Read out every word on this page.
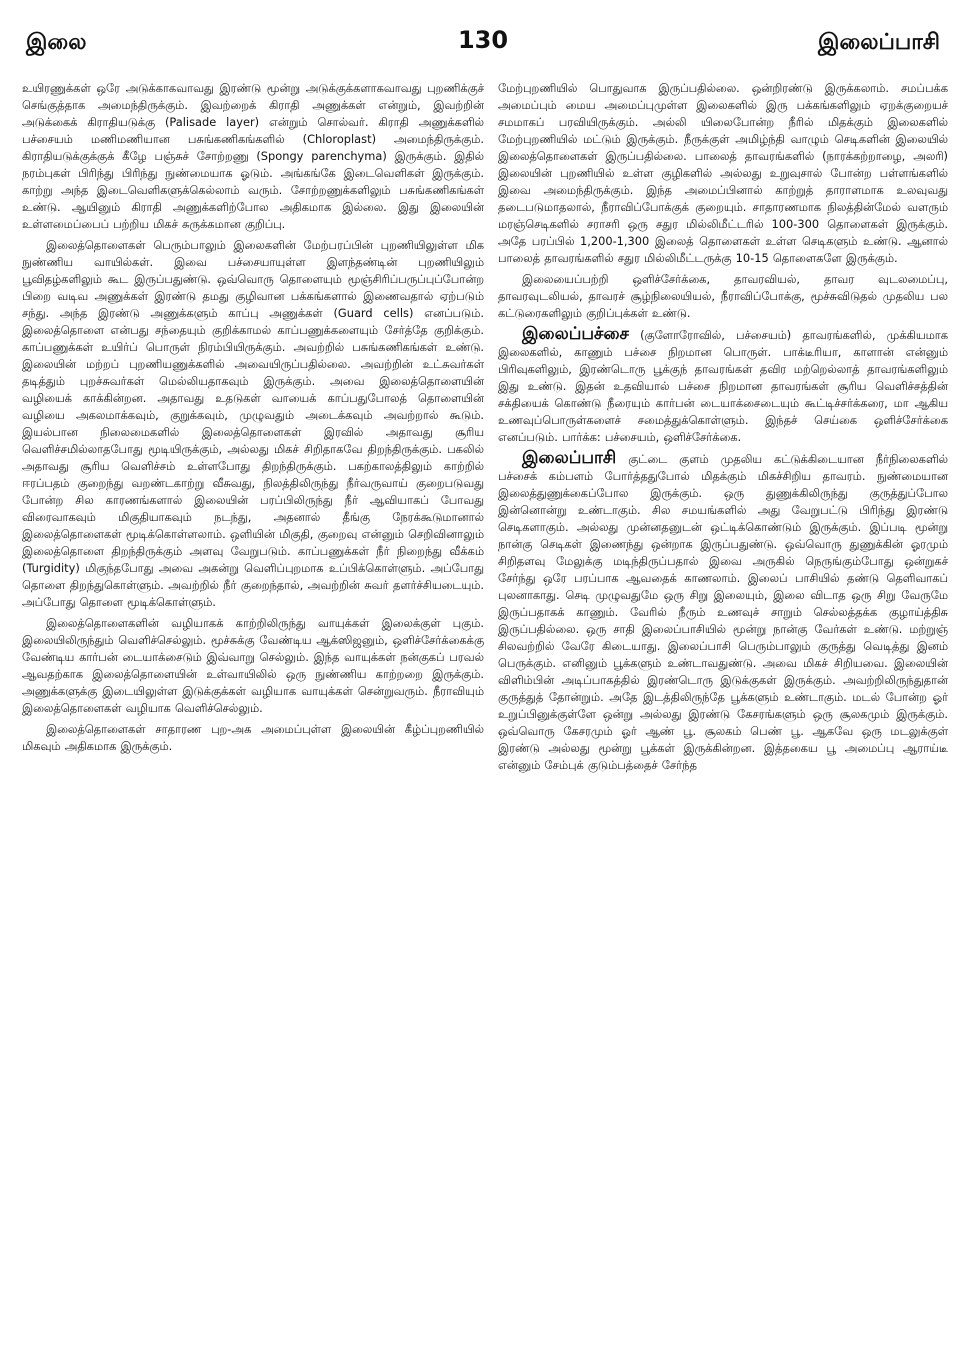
இலை	130	இலைப்பாசி

உயிரணுக்கள் ஒரே அடுக்காகவாவது இரண்டு மூன்று அடுக்குக்களாகவாவது புறணிக்குச் செங்குத்தாக அமைந்திருக்கும். இவற்றைக் கிராதி அணுக்கள் என்றும், இவற்றின் அடுக்கைக் கிராதியடுக்கு (Palisade layer) என்றும் சொல்வர். கிராதி அணுக்களில் பச்சையம் மணிமணியான பசுங்கணிகங்களில் (Chloroplast) அமைந்திருக்கும். கிராதியடுக்குக்குக் கீழே பஞ்சுச் சோற்றணு (Spongy parenchyma) இருக்கும். இதில் நரம்புகள் பிரிந்து பிரிந்து நுண்மையாக ஓடும். அங்கங்கே இடைவெளிகள் இருக்கும். காற்று அந்த இடைவெளிகளுக்கெல்லாம் வரும். சோற்றணுக்களிலும் பசுங்கணிகங்கள் உண்டு. ஆயினும் கிராதி அணுக்களிற்போல அதிகமாக இல்லை. இது இலையின் உள்ளமைப்பைப் பற்றிய மிகச் சுருக்கமான குறிப்பு.

இலைத்தொளைகள் பெரும்பாலும் இலைகளின் மேற்பரப்பின் புறணியிலுள்ள மிக நுண்ணிய வாயில்கள். இவை பச்சையாயுள்ள இளந்தண்டின் புறணியிலும் பூவிதழ்களிலும் கூட இருப்பதுண்டு. ஒவ்வொரு தொளையும் மூஞ்சிரிப்பருப்புப்போன்ற பிறை வடிவ அணுக்கள் இரண்டு தமது குழிவான பக்கங்களால் இணைவதால் ஏற்படும் சந்து. அந்த இரண்டு அணுக்களும் காப்பு அணுக்கள் (Guard cells) எனப்படும். இலைத்தொளை என்பது சந்தையும் குறிக்காமல் காப்பணுக்களையும் சேர்த்தே குறிக்கும். காப்பணுக்கள் உயிர்ப் பொருள் நிரம்பியிருக்கும். அவற்றில் பசுங்கணிகங்கள் உண்டு. இலையின் மற்றப் புறணியணுக்களில் அவையிருப்பதில்லை. அவற்றின் உட்சுவர்கள் தடித்தும் புறச்சுவர்கள் மெல்லியதாகவும் இருக்கும். அவை இலைத்தொளையின் வழியைக் காக்கின்றன. அதாவது உதடுகள் வாயைக் காப்பதுபோலத் தொளையின் வழியை அகலமாக்கவும், குறுக்கவும், முழுவதும் அடைக்கவும் அவற்றால் கூடும். இயல்பான நிலைமைகளில் இலைத்தொளைகள் இரவில் அதாவது சூரிய வெளிச்சமில்லாதபோது மூடியிருக்கும், அல்லது மிகச் சிறிதாகவே திறந்திருக்கும். பகலில் அதாவது சூரிய வெளிச்சம் உள்ளபோது திறந்திருக்கும். பகற்காலத்திலும் காற்றில் ஈரப்பதம் குறைந்து வறண்டகாற்று வீசுவது, நிலத்திலிருந்து நீர்வருவாய் குறைபடுவது போன்ற சில காரணங்களால் இலையின் பரப்பிலிருந்து நீர் ஆவியாகப் போவது விரைவாகவும் மிகுதியாகவும் நடந்து, அதனால் தீங்கு நேரக்கூடுமானால் இலைத்தொளைகள் மூடிக்கொள்ளலாம். ஒளியின் மிகுதி, குறைவு என்னும் செறிவினாலும் இலைத்தொளை திறந்திருக்கும் அளவு வேறுபடும். காப்பணுக்கள் நீர் நிறைந்து வீக்கம் (Turgidity) மிகுந்தபோது அவை அகன்று வெளிப்புறமாக உப்பிக்கொள்ளும். அப்போது தொளை திறந்துகொள்ளும். அவற்றில் நீர் குறைந்தால், அவற்றின் சுவர் தளர்ச்சியடையும். அப்போது தொளை மூடிக்கொள்ளும்.

இலைத்தொளைகளின் வழியாகக் காற்றிலிருந்து வாயுக்கள் இலைக்குள் புகும். இலையிலிருந்தும் வெளிச்செல்லும். மூச்சுக்கு வேண்டிய ஆக்ஸிஜனும், ஒளிச்சேர்க்கைக்கு வேண்டிய கார்பன் டையாக்சைடும் இவ்வாறு செல்லும். இந்த வாயுக்கள் நன்குகப் பரவல் ஆவதற்காக இலைத்தொளையின் உள்வாயிலில் ஒரு நுண்ணிய காற்றறை இருக்கும். அணுக்களுக்கு இடையிலுள்ள இடுக்குக்கள் வழியாக வாயுக்கள் சென்றுவரும். நீராவியும் இலைத்தொளைகள் வழியாக வெளிச்செல்லும்.

இலைத்தொளைகள் சாதாரண புற-அக அமைப்புள்ள இலையின் கீழ்ப்புறணியில் மிகவும் அதிகமாக இருக்கும்.

மேற்புறணியில் பொதுவாக இருப்பதில்லை. ஒன்றிரண்டு இருக்கலாம். சமப்பக்க அமைப்பும் மைய அமைப்புமுள்ள இலைகளில் இரு பக்கங்களிலும் ஏறக்குறையச் சமமாகப் பரவியிருக்கும். அல்லி யிலைபோன்ற நீரில் மிதக்கும் இலைகளில் மேற்புறணியில் மட்டும் இருக்கும். நீருக்குள் அமிழ்ந்தி வாழும் செடிகளின் இலையில் இலைத்தொளைகள் இருப்பதில்லை. பாலைத் தாவரங்களில் (நாரக்கற்றாழை, அலரி) இலையின் புறணியில் உள்ள குழிகளில் அல்லது உறுவுசால் போன்ற பள்ளங்களில் இவை அமைந்திருக்கும். இந்த அமைப்பினால் காற்றுத் தாராளமாக உலவுவது தடைபடுமாதலால், நீராவிப்போக்குக் குறையும். சாதாரணமாக நிலத்தின்மேல் வளரும் மரஞ்செடிகளில் சராசரி ஒரு சதுர மில்லிமீட்டரில் 100-300 தொளைகள் இருக்கும். அதே பரப்பில் 1,200-1,300 இலைத் தொளைகள் உள்ள செடிகளும் உண்டு. ஆனால் பாலைத் தாவரங்களில் சதுர மில்லிமீட்டருக்கு 10-15 தொளைகளே இருக்கும்.

இலையைப்பற்றி ஒளிச்சேர்க்கை, தாவரவியல், தாவர வுடலமைப்பு, தாவரவுடலியல், தாவரச் சூழ்நிலையியல், நீராவிப்போக்கு, மூச்சுவிடுதல் முதலிய பல கட்டுரைகளிலும் குறிப்புக்கள் உண்டு.

இலைப்பச்சை (குளோரோவில், பச்சையம்) தாவரங்களில், முக்கியமாக இலைகளில், காணும் பச்சை நிறமான பொருள். பாக்டீரியா, காளான் என்னும் பிரிவுகளிலும், இரண்டொரு பூக்குந் தாவரங்கள் தவிர மற்றெல்லாத் தாவரங்களிலும் இது உண்டு. இதன் உதவியால் பச்சை நிறமான தாவரங்கள் சூரிய வெளிச்சத்தின் சக்தியைக் கொண்டு நீரையும் கார்பன் டையாக்சைடையும் கூட்டிச்சர்க்கரை, மா ஆகிய உணவுப்பொருள்களைச் சமைத்துக்கொள்ளும். இந்தச் செய்கை ஒளிச்சேர்க்கை எனப்படும். பார்க்க: பச்சையம், ஒளிச்சேர்க்கை.

இலைப்பாசி குட்டை குளம் முதலிய கட்டுக்கிடையான நீர்நிலைகளில் பச்சைக் கம்பளம் போர்த்ததுபோல் மிதக்கும் மிகச்சிறிய தாவரம். நுண்மையான இலைத்துணுக்கைப்போல இருக்கும். ஒரு துணுக்கிலிருந்து குருத்துப்போல இன்னொன்று உண்டாகும். சில சமயங்களில் அது வேறுபட்டு பிரிந்து இரண்டு செடிகளாகும். அல்லது முன்னதனுடன் ஒட்டிக்கொண்டும் இருக்கும். இப்படி மூன்று நான்கு செடிகள் இணைந்து ஒன்றாக இருப்பதுண்டு. ஒவ்வொரு துணுக்கின் ஓரமும் சிறிதளவு மேலுக்கு மடிந்திருப்பதால் இவை அருகில் நெருங்கும்போது ஒன்றுகச் சேர்ந்து ஒரே பரப்பாக ஆவதைக் காணலாம். இலைப் பாசியில் தண்டு தெளிவாகப் புலனாகாது. செடி முழுவதுமே ஒரு சிறு இலையும், இலை விடாத ஒரு சிறு வேருமே இருப்பதாகக் காணும். வேரில் நீரும் உணவுச் சாறும் செல்லத்தக்க குழாய்த்திசு இருப்பதில்லை. ஒரு சாதி இலைப்பாசியில் மூன்று நான்கு வேர்கள் உண்டு. மற்றுஞ் சிலவற்றில் வேரே கிடையாது. இலைப்பாசி பெரும்பாலும் குருத்து வெடித்து இனம் பெருக்கும். எனினும் பூக்களும் உண்டாவதுண்டு. அவை மிகச் சிறியவை. இலையின் விளிம்பின் அடிப்பாகத்தில் இரண்டொரு இடுக்குகள் இருக்கும். அவற்றிலிருந்துதான் குருத்துத் தோன்றும். அதே இடத்திலிருந்தே பூக்களும் உண்டாகும். மடல் போன்ற ஓர் உறுப்பினுக்குள்ளே ஒன்று அல்லது இரண்டு கேசரங்களும் ஒரு சூலகமும் இருக்கும். ஒவ்வொரு கேசரமும் ஓர் ஆண் பூ. சூலகம் பெண் பூ. ஆகவே ஒரு மடலுக்குள் இரண்டு அல்லது மூன்று பூக்கள் இருக்கின்றன. இத்தகைய பூ அமைப்பு ஆராய்டீ என்னும் சேம்புக் குடும்பத்தைச் சேர்ந்த
